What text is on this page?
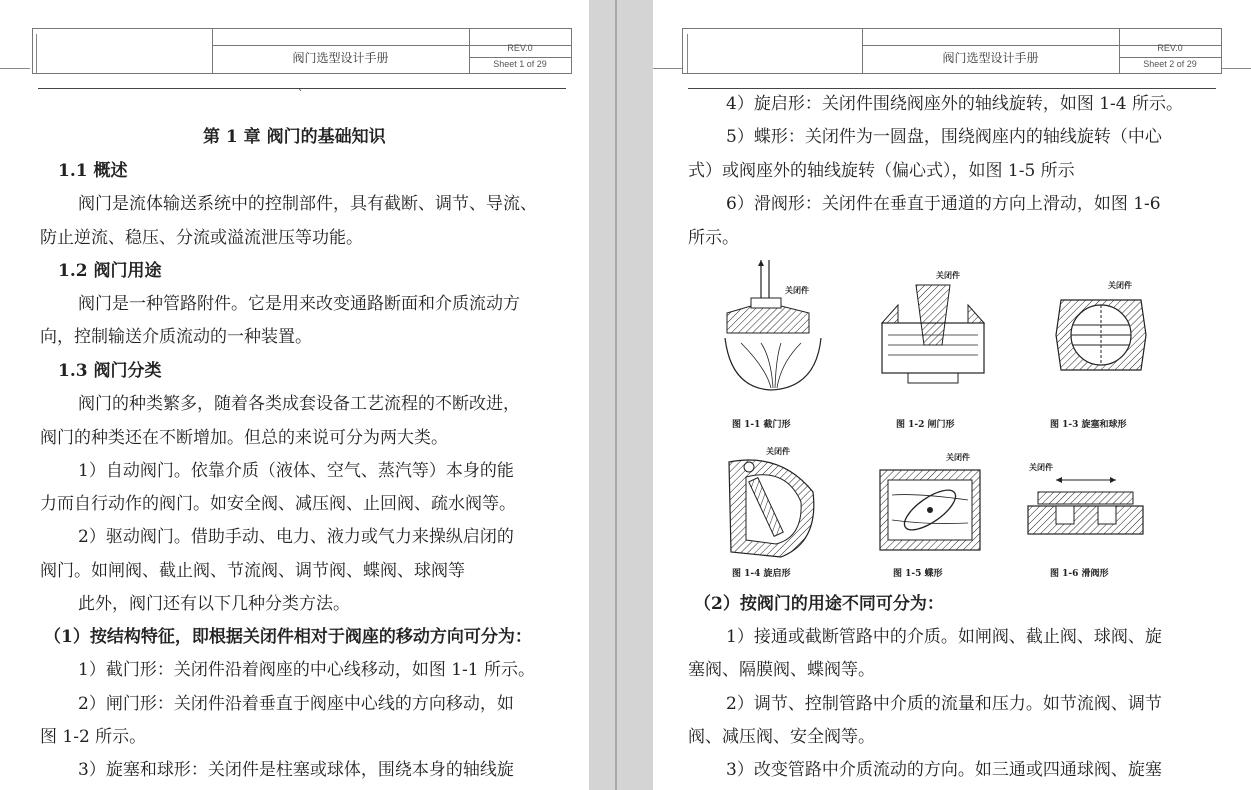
阀门选型设计手册
REV.0
Sheet 1 of 29
`
第 1 章 阀门的基础知识
1.1 概述
阀门是流体输送系统中的控制部件，具有截断、调节、导流、
防止逆流、稳压、分流或溢流泄压等功能。
1.2 阀门用途
阀门是一种管路附件。它是用来改变通路断面和介质流动方
向，控制输送介质流动的一种装置。
1.3 阀门分类
阀门的种类繁多，随着各类成套设备工艺流程的不断改进，
阀门的种类还在不断增加。但总的来说可分为两大类。
1）自动阀门。依靠介质（液体、空气、蒸汽等）本身的能
力而自行动作的阀门。如安全阀、减压阀、止回阀、疏水阀等。
2）驱动阀门。借助手动、电力、液力或气力来操纵启闭的
阀门。如闸阀、截止阀、节流阀、调节阀、蝶阀、球阀等
此外，阀门还有以下几种分类方法。
（1）按结构特征，即根据关闭件相对于阀座的移动方向可分为：
1）截门形：关闭件沿着阀座的中心线移动，如图 1-1 所示。
2）闸门形：关闭件沿着垂直于阀座中心线的方向移动，如
图 1-2 所示。
3）旋塞和球形：关闭件是柱塞或球体，围绕本身的轴线旋
阀门选型设计手册
REV.0
Sheet 2 of 29
4）旋启形：关闭件围绕阀座外的轴线旋转，如图 1-4 所示。
5）蝶形：关闭件为一圆盘，围绕阀座内的轴线旋转（中心
式）或阀座外的轴线旋转（偏心式），如图 1-5 所示
6）滑阀形：关闭件在垂直于通道的方向上滑动，如图 1-6
所示。
关闭件
关闭件
关闭件
图 1-1 截门形	图 1-2 闸门形	图 1-3 旋塞和球形
关闭件
关闭件
关闭件
图 1-4 旋启形	图 1-5 蝶形	图 1-6 滑阀形
（2）按阀门的用途不同可分为：
1）接通或截断管路中的介质。如闸阀、截止阀、球阀、旋
塞阀、隔膜阀、蝶阀等。
2）调节、控制管路中介质的流量和压力。如节流阀、调节
阀、减压阀、安全阀等。
3）改变管路中介质流动的方向。如三通或四通球阀、旋塞
